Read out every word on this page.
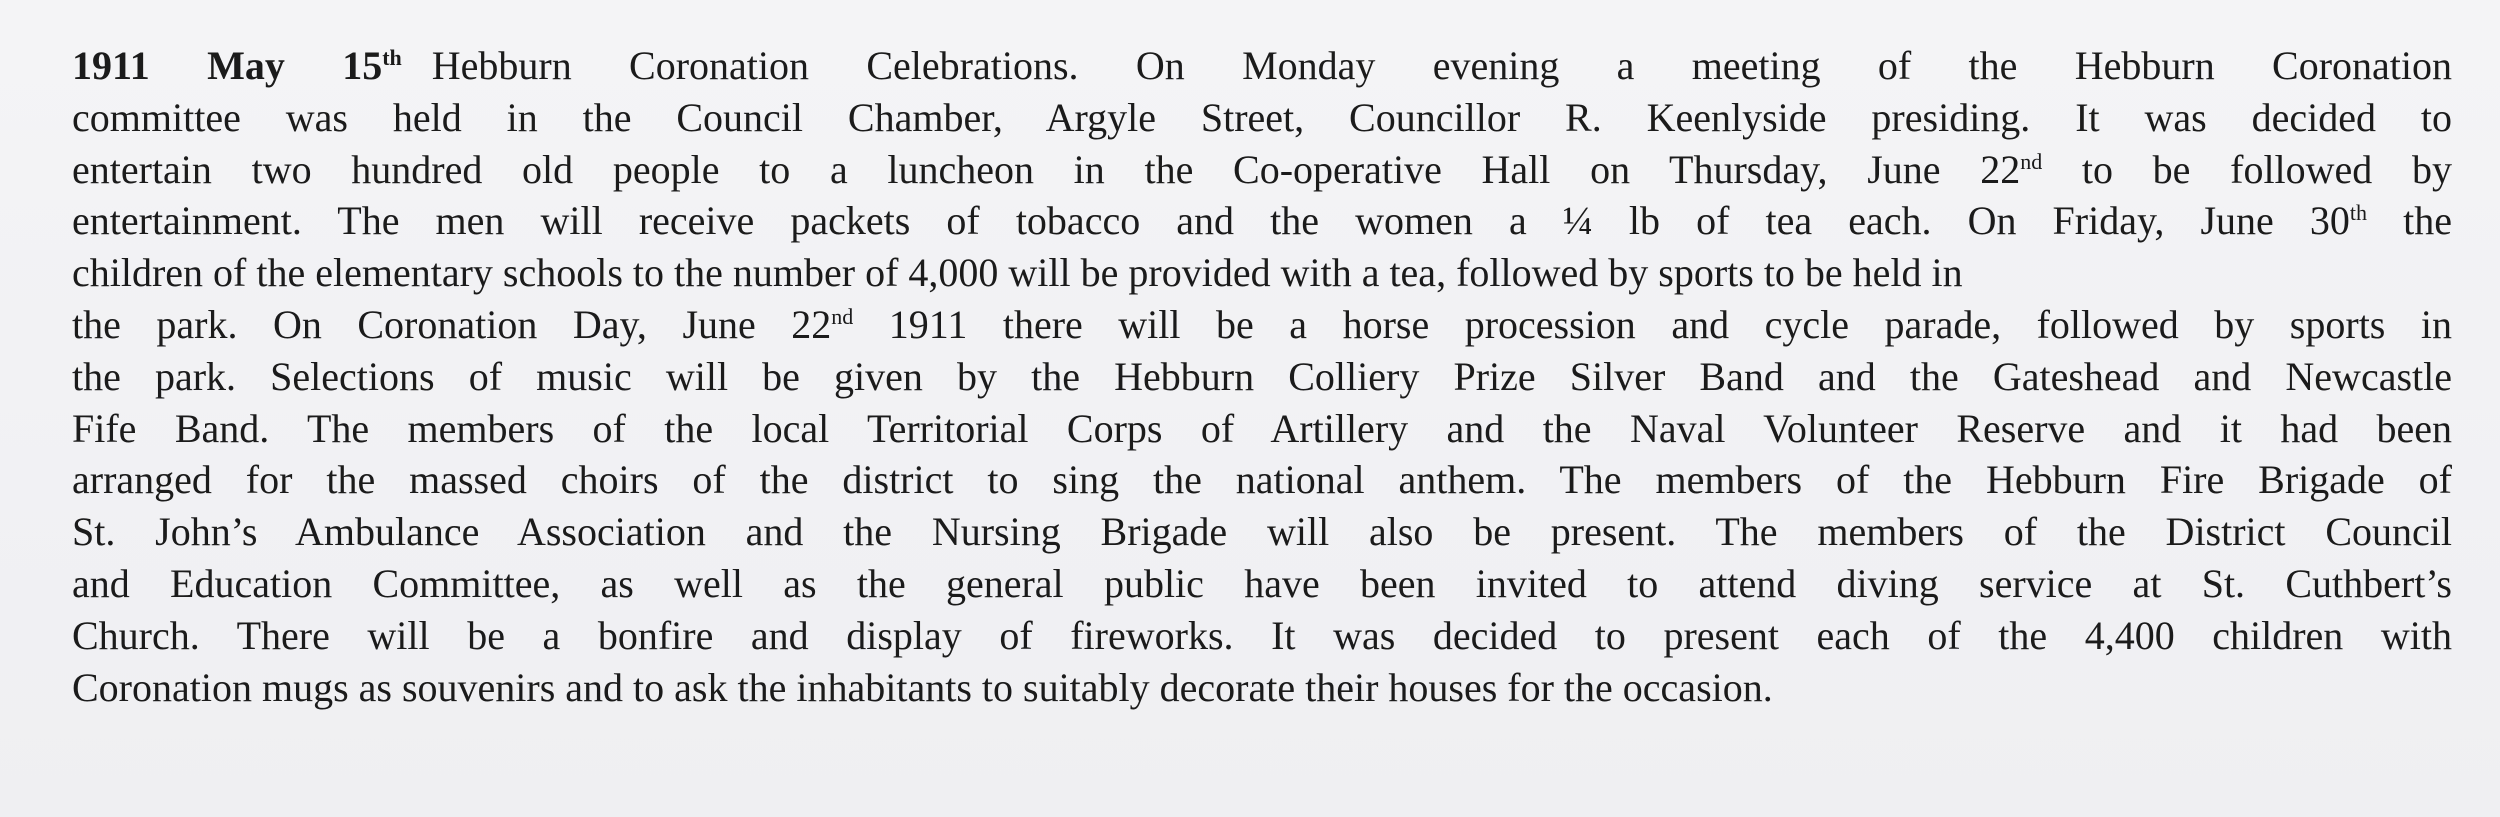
1911 May 15th Hebburn Coronation Celebrations. On Monday evening a meeting of the Hebburn Coronation
committee was held in the Council Chamber, Argyle Street, Councillor R. Keenlyside presiding. It was decided to
entertain two hundred old people to a luncheon in the Co-operative Hall on Thursday, June 22nd to be followed by
entertainment. The men will receive packets of tobacco and the women a ¼ lb of tea each. On Friday, June 30th the
children of the elementary schools to the number of 4,000 will be provided with a tea, followed by sports to be held in
the park. On Coronation Day, June 22nd 1911 there will be a horse procession and cycle parade, followed by sports in
the park. Selections of music will be given by the Hebburn Colliery Prize Silver Band and the Gateshead and Newcastle
Fife Band. The members of the local Territorial Corps of Artillery and the Naval Volunteer Reserve and it had been
arranged for the massed choirs of the district to sing the national anthem. The members of the Hebburn Fire Brigade of
St. John’s Ambulance Association and the Nursing Brigade will also be present. The members of the District Council
and Education Committee, as well as the general public have been invited to attend diving service at St. Cuthbert’s
Church. There will be a bonfire and display of fireworks. It was decided to present each of the 4,400 children with
Coronation mugs as souvenirs and to ask the inhabitants to suitably decorate their houses for the occasion.
